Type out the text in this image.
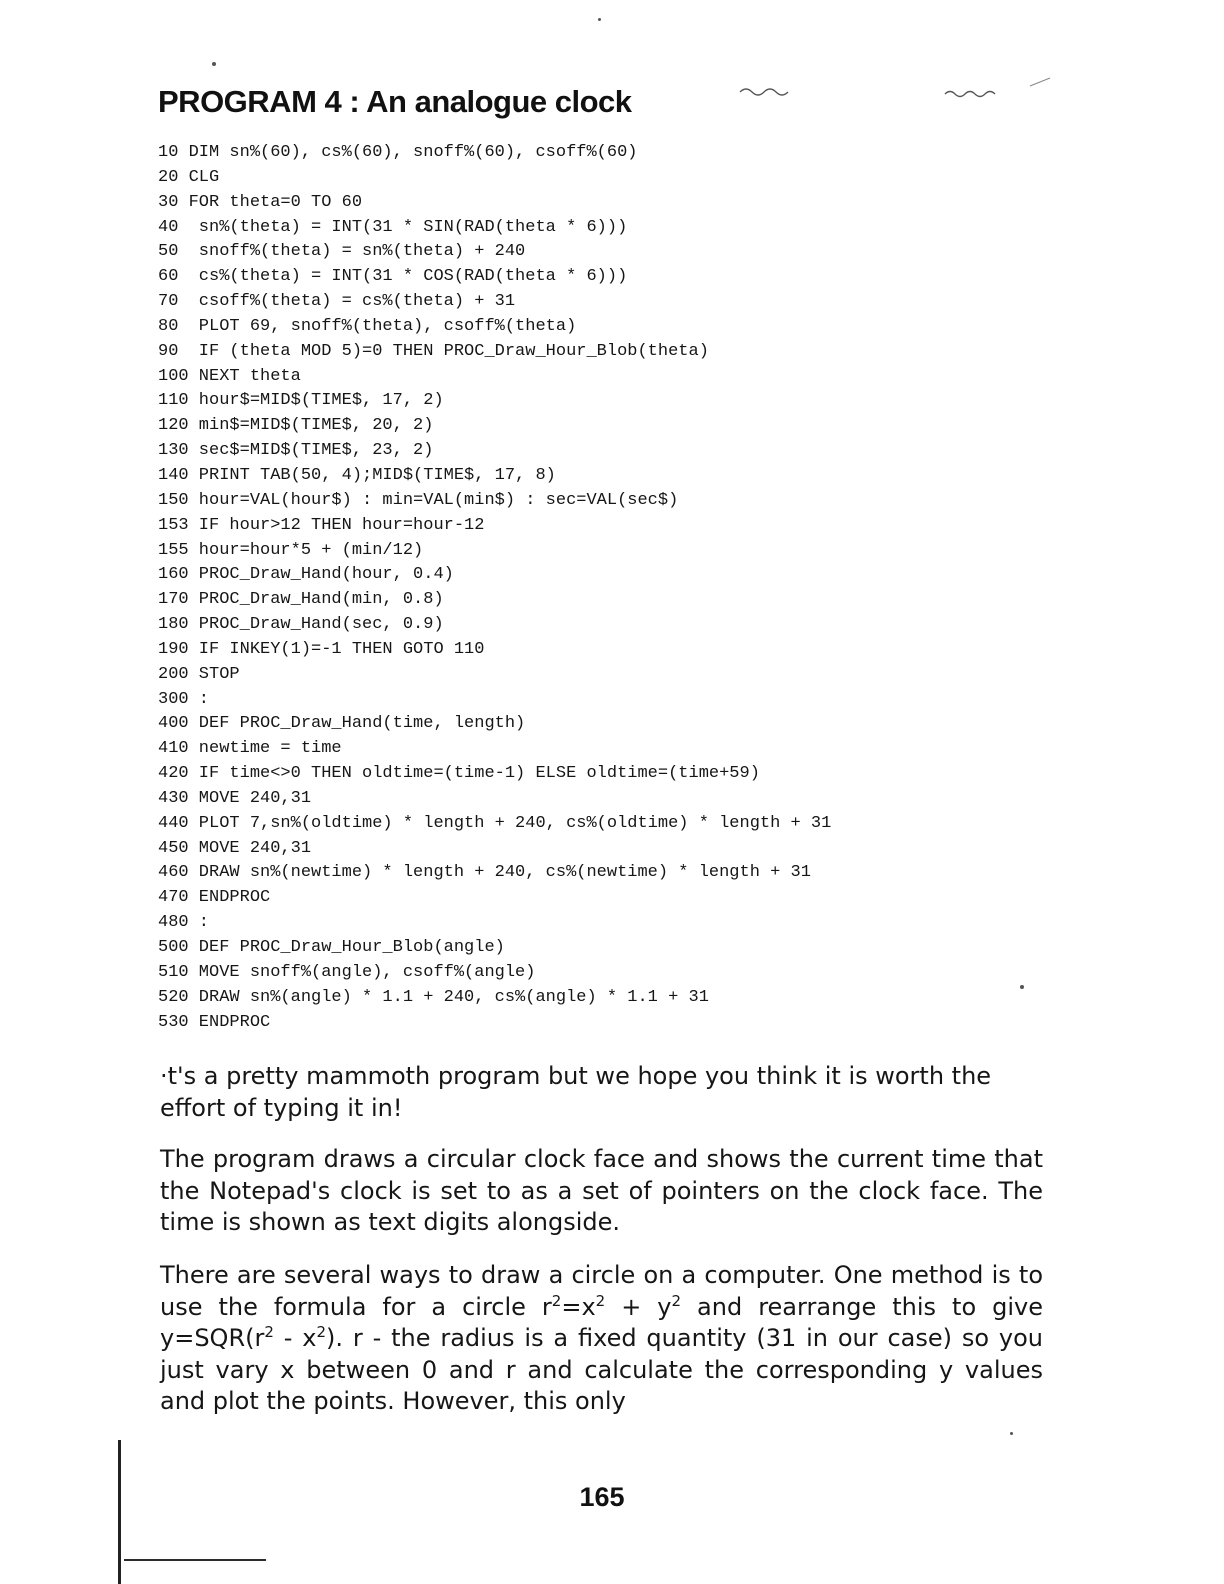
PROGRAM 4 : An analogue clock
10 DIM sn%(60), cs%(60), snoff%(60), csoff%(60)
20 CLG
30 FOR theta=0 TO 60
40  sn%(theta) = INT(31 * SIN(RAD(theta * 6)))
50  snoff%(theta) = sn%(theta) + 240
60  cs%(theta) = INT(31 * COS(RAD(theta * 6)))
70  csoff%(theta) = cs%(theta) + 31
80  PLOT 69, snoff%(theta), csoff%(theta)
90  IF (theta MOD 5)=0 THEN PROC_Draw_Hour_Blob(theta)
100 NEXT theta
110 hour$=MID$(TIME$, 17, 2)
120 min$=MID$(TIME$, 20, 2)
130 sec$=MID$(TIME$, 23, 2)
140 PRINT TAB(50, 4);MID$(TIME$, 17, 8)
150 hour=VAL(hour$) : min=VAL(min$) : sec=VAL(sec$)
153 IF hour>12 THEN hour=hour-12
155 hour=hour*5 + (min/12)
160 PROC_Draw_Hand(hour, 0.4)
170 PROC_Draw_Hand(min, 0.8)
180 PROC_Draw_Hand(sec, 0.9)
190 IF INKEY(1)=-1 THEN GOTO 110
200 STOP
300 :
400 DEF PROC_Draw_Hand(time, length)
410 newtime = time
420 IF time<>0 THEN oldtime=(time-1) ELSE oldtime=(time+59)
430 MOVE 240,31
440 PLOT 7,sn%(oldtime) * length + 240, cs%(oldtime) * length + 31
450 MOVE 240,31
460 DRAW sn%(newtime) * length + 240, cs%(newtime) * length + 31
470 ENDPROC
480 :
500 DEF PROC_Draw_Hour_Blob(angle)
510 MOVE snoff%(angle), csoff%(angle)
520 DRAW sn%(angle) * 1.1 + 240, cs%(angle) * 1.1 + 31
530 ENDPROC

·t's a pretty mammoth program but we hope you think it is worth the effort of typing it in!

The program draws a circular clock face and shows the current time that the Notepad's clock is set to as a set of pointers on the clock face. The time is shown as text digits alongside.

There are several ways to draw a circle on a computer. One method is to use the formula for a circle $r^2=x^2 + y^2$ and rearrange this to give $y=SQR(r^2 - x^2)$. r - the radius is a fixed quantity (31 in our case) so you just vary x between 0 and r and calculate the corresponding y values and plot the points. However, this only

165
